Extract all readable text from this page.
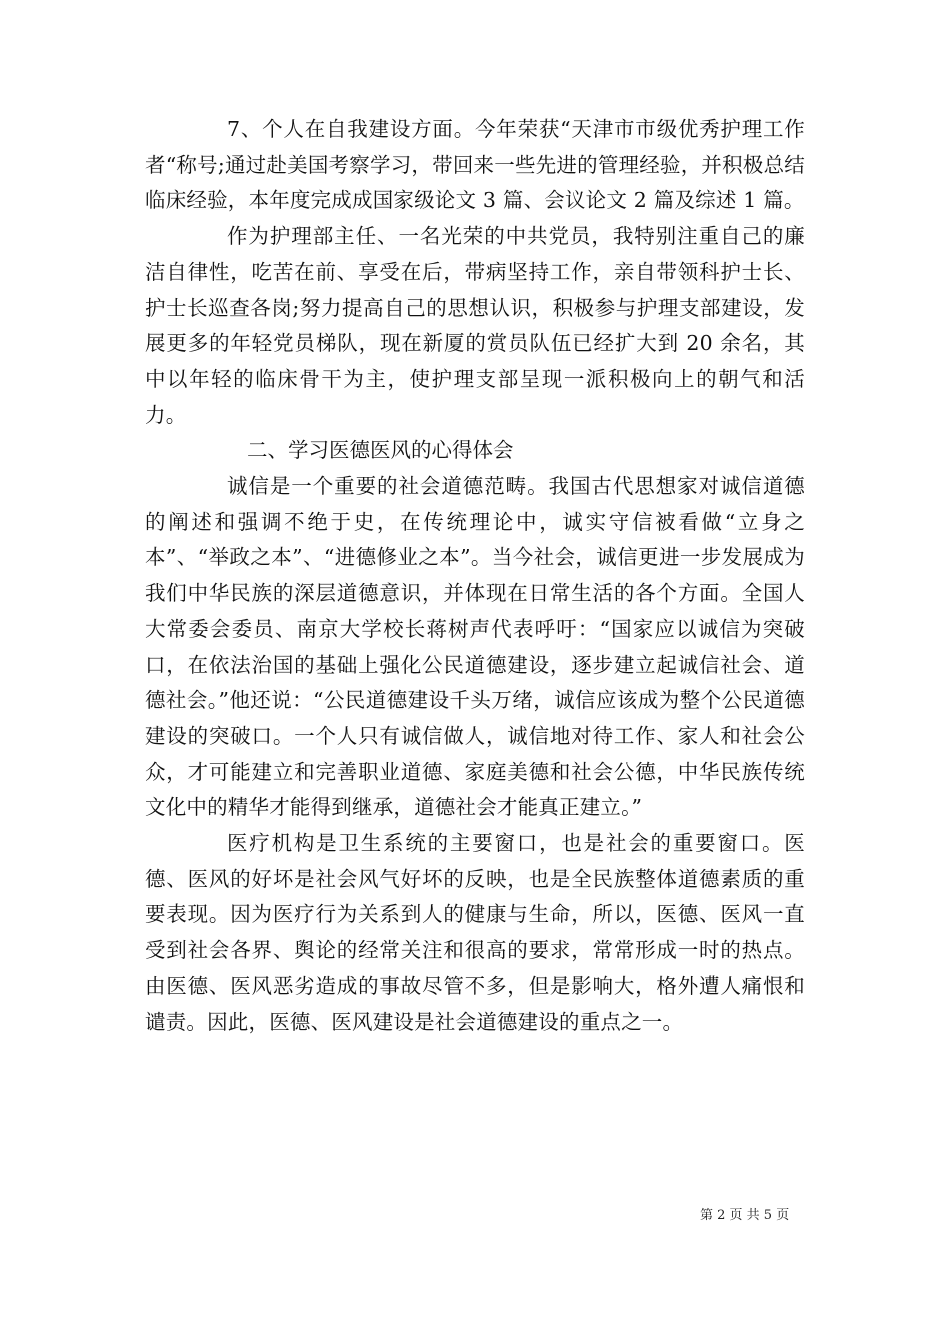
7、个人在自我建设方面。今年荣获“天津市市级优秀护理工作者“称号;通过赴美国考察学习，带回来一些先进的管理经验，并积极总结临床经验，本年度完成成国家级论文 3 篇、会议论文 2 篇及综述 1 篇。

作为护理部主任、一名光荣的中共党员，我特别注重自己的廉洁自律性，吃苦在前、享受在后，带病坚持工作，亲自带领科护士长、护士长巡查各岗;努力提高自己的思想认识，积极参与护理支部建设，发展更多的年轻党员梯队，现在新厦的赏员队伍已经扩大到 20 余名，其中以年轻的临床骨干为主，使护理支部呈现一派积极向上的朝气和活力。

二、学习医德医风的心得体会

诚信是一个重要的社会道德范畴。我国古代思想家对诚信道德的阐述和强调不绝于史，在传统理论中，诚实守信被看做“立身之本”、“举政之本”、“进德修业之本”。当今社会，诚信更进一步发展成为我们中华民族的深层道德意识，并体现在日常生活的各个方面。全国人大常委会委员、南京大学校长蒋树声代表呼吁：“国家应以诚信为突破口，在依法治国的基础上强化公民道德建设，逐步建立起诚信社会、道德社会。”他还说：“公民道德建设千头万绪，诚信应该成为整个公民道德建设的突破口。一个人只有诚信做人，诚信地对待工作、家人和社会公众，才可能建立和完善职业道德、家庭美德和社会公德，中华民族传统文化中的精华才能得到继承，道德社会才能真正建立。”

医疗机构是卫生系统的主要窗口，也是社会的重要窗口。医德、医风的好坏是社会风气好坏的反映，也是全民族整体道德素质的重要表现。因为医疗行为关系到人的健康与生命，所以，医德、医风一直受到社会各界、舆论的经常关注和很高的要求，常常形成一时的热点。由医德、医风恶劣造成的事故尽管不多，但是影响大，格外遭人痛恨和谴责。因此，医德、医风建设是社会道德建设的重点之一。

第 2 页 共 5 页
